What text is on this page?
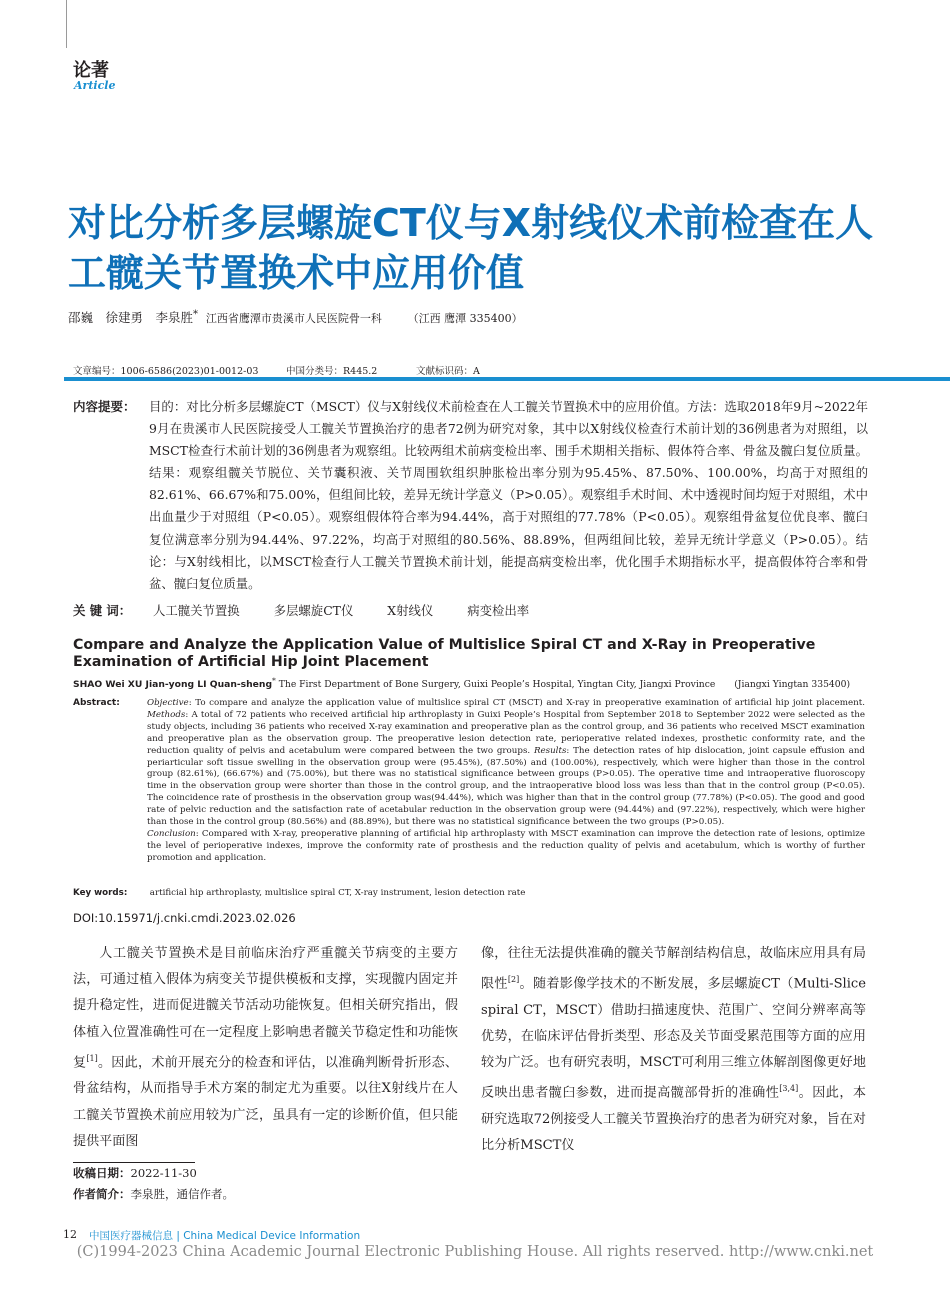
论著
Article
对比分析多层螺旋CT仪与X射线仪术前检查在人工髋关节置换术中应用价值
邵巍　徐建勇　李泉胜* 江西省鹰潭市贵溪市人民医院骨一科 （江西 鹰潭 335400）
文章编号：1006-6586(2023)01-0012-03	中国分类号：R445.2	文献标识码：A
内容提要： 目的：对比分析多层螺旋CT（MSCT）仪与X射线仪术前检查在人工髋关节置换术中的应用价值。方法：选取2018年9月~2022年9月在贵溪市人民医院接受人工髋关节置换治疗的患者72例为研究对象，其中以X射线仪检查行术前计划的36例患者为对照组，以MSCT检查行术前计划的36例患者为观察组。比较两组术前病变检出率、围手术期相关指标、假体符合率、骨盆及髋臼复位质量。结果：观察组髋关节脱位、关节囊积液、关节周围软组织肿胀检出率分别为95.45%、87.50%、100.00%，均高于对照组的82.61%、66.67%和75.00%，但组间比较，差异无统计学意义（P>0.05）。观察组手术时间、术中透视时间均短于对照组，术中出血量少于对照组（P<0.05）。观察组假体符合率为94.44%，高于对照组的77.78%（P<0.05）。观察组骨盆复位优良率、髋臼复位满意率分别为94.44%、97.22%，均高于对照组的80.56%、88.89%，但两组间比较，差异无统计学意义（P>0.05）。结论：与X射线相比，以MSCT检查行人工髋关节置换术前计划，能提高病变检出率，优化围手术期指标水平，提高假体符合率和骨盆、髋臼复位质量。
关 键 词： 人工髋关节置换	多层螺旋CT仪	X射线仪	病变检出率
Compare and Analyze the Application Value of Multislice Spiral CT and X-Ray in Preoperative Examination of Artificial Hip Joint Placement
SHAO Wei XU Jian-yong LI Quan-sheng* The First Department of Bone Surgery, Guixi People’s Hospital, Yingtan City, Jiangxi Province (Jiangxi Yingtan 335400)
Abstract:	Objective: To compare and analyze the application value of multislice spiral CT (MSCT) and X-ray in preoperative examination of artificial hip joint placement. Methods: A total of 72 patients who received artificial hip arthroplasty in Guixi People’s Hospital from September 2018 to September 2022 were selected as the study objects, including 36 patients who received X-ray examination and preoperative plan as the control group, and 36 patients who received MSCT examination and preoperative plan as the observation group. The preoperative lesion detection rate, perioperative related indexes, prosthetic conformity rate, and the reduction quality of pelvis and acetabulum were compared between the two groups. Results: The detection rates of hip dislocation, joint capsule effusion and periarticular soft tissue swelling in the observation group were (95.45%), (87.50%) and (100.00%), respectively, which were higher than those in the control group (82.61%), (66.67%) and (75.00%), but there was no statistical significance between groups (P>0.05). The operative time and intraoperative fluoroscopy time in the observation group were shorter than those in the control group, and the intraoperative blood loss was less than that in the control group (P<0.05). The coincidence rate of prosthesis in the observation group was(94.44%), which was higher than that in the control group (77.78%) (P<0.05). The good and good rate of pelvic reduction and the satisfaction rate of acetabular reduction in the observation group were (94.44%) and (97.22%), respectively, which were higher than those in the control group (80.56%) and (88.89%), but there was no statistical significance between the two groups (P>0.05).
Conclusion: Compared with X-ray, preoperative planning of artificial hip arthroplasty with MSCT examination can improve the detection rate of lesions, optimize the level of perioperative indexes, improve the conformity rate of prosthesis and the reduction quality of pelvis and acetabulum, which is worthy of further promotion and application.
Key words:	artificial hip arthroplasty, multislice spiral CT, X-ray instrument, lesion detection rate
DOI:10.15971/j.cnki.cmdi.2023.02.026
人工髋关节置换术是目前临床治疗严重髋关节病变的主要方法，可通过植入假体为病变关节提供模板和支撑，实现髋内固定并提升稳定性，进而促进髋关节活动功能恢复。但相关研究指出，假体植入位置准确性可在一定程度上影响患者髋关节稳定性和功能恢复[1]。因此，术前开展充分的检查和评估，以准确判断骨折形态、骨盆结构，从而指导手术方案的制定尤为重要。以往X射线片在人工髋关节置换术前应用较为广泛，虽具有一定的诊断价值，但只能提供平面图
像，往往无法提供准确的髋关节解剖结构信息，故临床应用具有局限性[2]。随着影像学技术的不断发展，多层螺旋CT（Multi-Slice spiral CT，MSCT）借助扫描速度快、范围广、空间分辨率高等优势，在临床评估骨折类型、形态及关节面受累范围等方面的应用较为广泛。也有研究表明，MSCT可利用三维立体解剖图像更好地反映出患者髋臼参数，进而提高髋部骨折的准确性[3,4]。因此，本研究选取72例接受人工髋关节置换治疗的患者为研究对象，旨在对比分析MSCT仪
收稿日期：2022-11-30
作者简介：李泉胜，通信作者。
12 中国医疗器械信息 | China Medical Device Information
(C)1994-2023 China Academic Journal Electronic Publishing House. All rights reserved. http://www.cnki.net
